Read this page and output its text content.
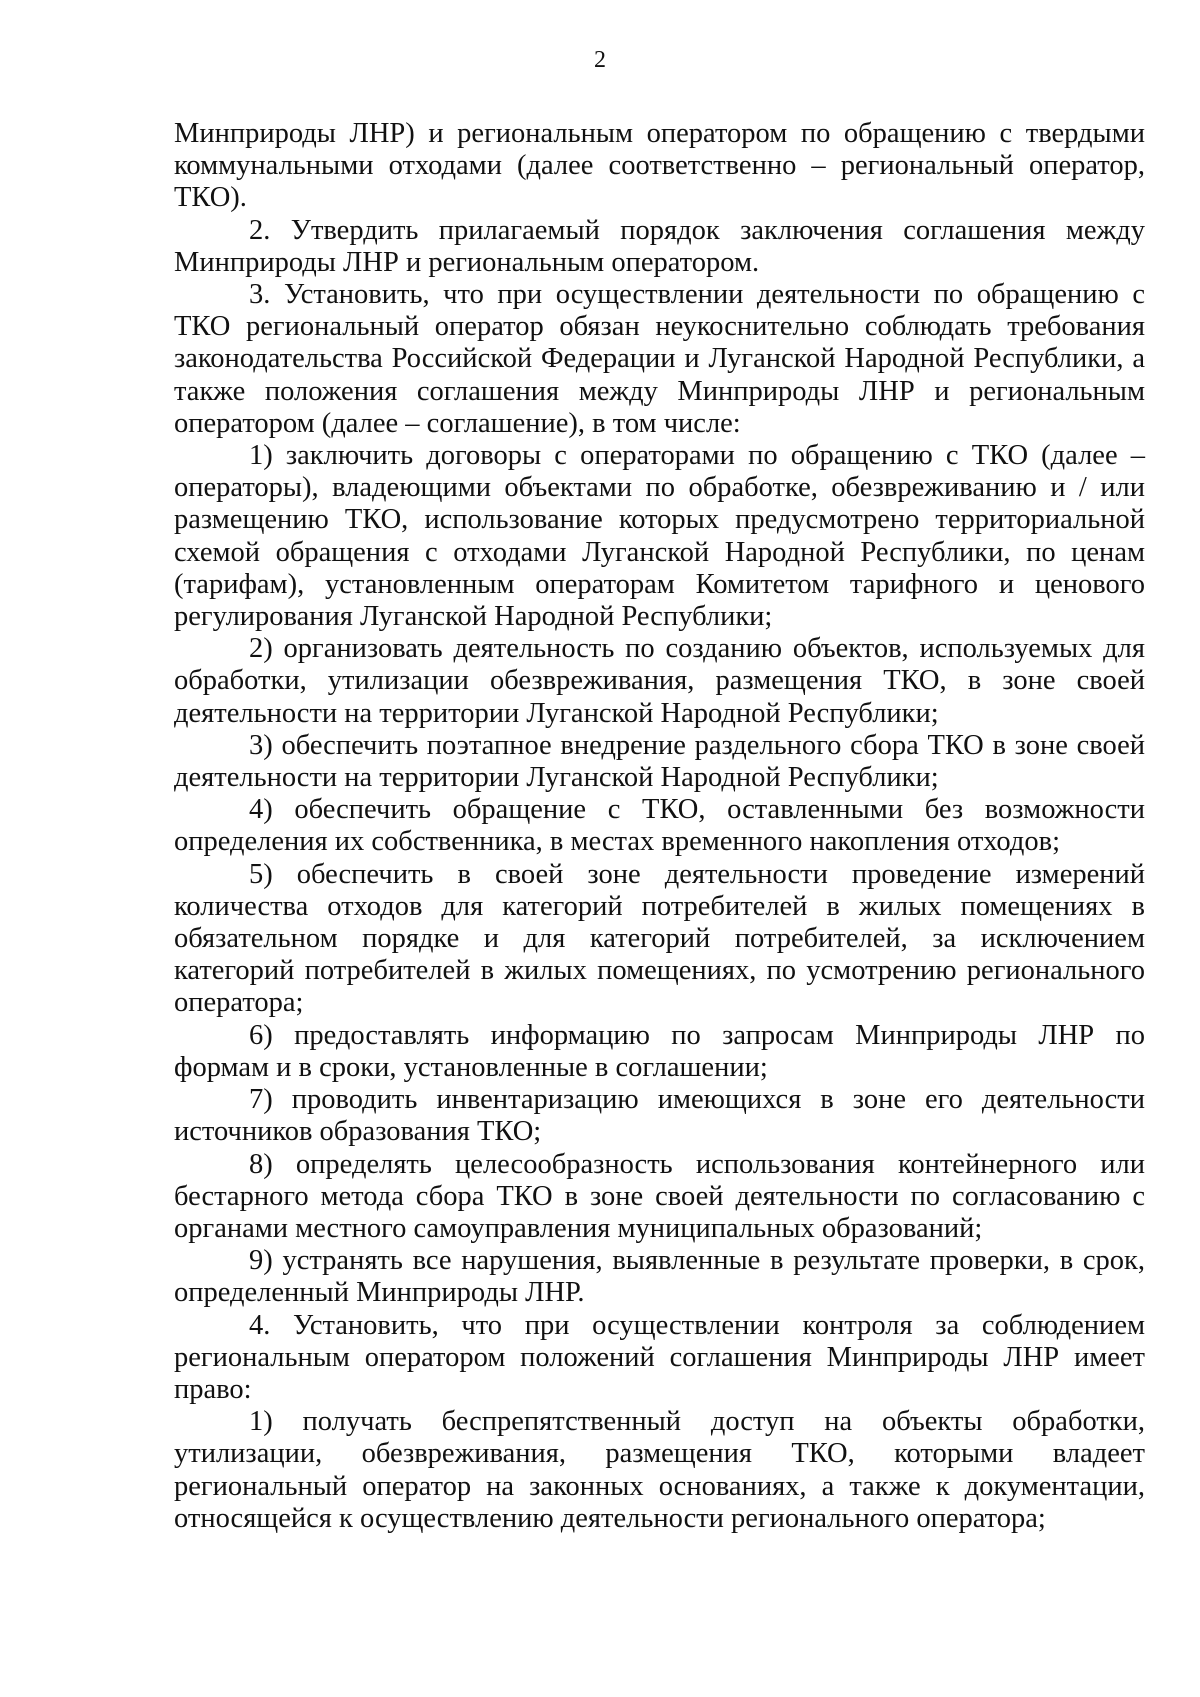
2

Минприроды ЛНР) и региональным оператором по обращению с твердыми коммунальными отходами (далее соответственно – региональный оператор, ТКО).

2. Утвердить прилагаемый порядок заключения соглашения между Минприроды ЛНР и региональным оператором.

3. Установить, что при осуществлении деятельности по обращению с ТКО региональный оператор обязан неукоснительно соблюдать требования законодательства Российской Федерации и Луганской Народной Республики, а также положения соглашения между Минприроды ЛНР и региональным оператором (далее – соглашение), в том числе:

1) заключить договоры с операторами по обращению с ТКО (далее – операторы), владеющими объектами по обработке, обезвреживанию и / или размещению ТКО, использование которых предусмотрено территориальной схемой обращения с отходами Луганской Народной Республики, по ценам (тарифам), установленным операторам Комитетом тарифного и ценового регулирования Луганской Народной Республики;

2) организовать деятельность по созданию объектов, используемых для обработки, утилизации обезвреживания, размещения ТКО, в зоне своей деятельности на территории Луганской Народной Республики;

3) обеспечить поэтапное внедрение раздельного сбора ТКО в зоне своей деятельности на территории Луганской Народной Республики;

4) обеспечить обращение с ТКО, оставленными без возможности определения их собственника, в местах временного накопления отходов;

5) обеспечить в своей зоне деятельности проведение измерений количества отходов для категорий потребителей в жилых помещениях в обязательном порядке и для категорий потребителей, за исключением категорий потребителей в жилых помещениях, по усмотрению регионального оператора;

6) предоставлять информацию по запросам Минприроды ЛНР по формам и в сроки, установленные в соглашении;

7) проводить инвентаризацию имеющихся в зоне его деятельности источников образования ТКО;

8) определять целесообразность использования контейнерного или бестарного метода сбора ТКО в зоне своей деятельности по согласованию с органами местного самоуправления муниципальных образований;

9) устранять все нарушения, выявленные в результате проверки, в срок, определенный Минприроды ЛНР.

4. Установить, что при осуществлении контроля за соблюдением региональным оператором положений соглашения Минприроды ЛНР имеет право:

1) получать беспрепятственный доступ на объекты обработки, утилизации, обезвреживания, размещения ТКО, которыми владеет региональный оператор на законных основаниях, а также к документации, относящейся к осуществлению деятельности регионального оператора;
